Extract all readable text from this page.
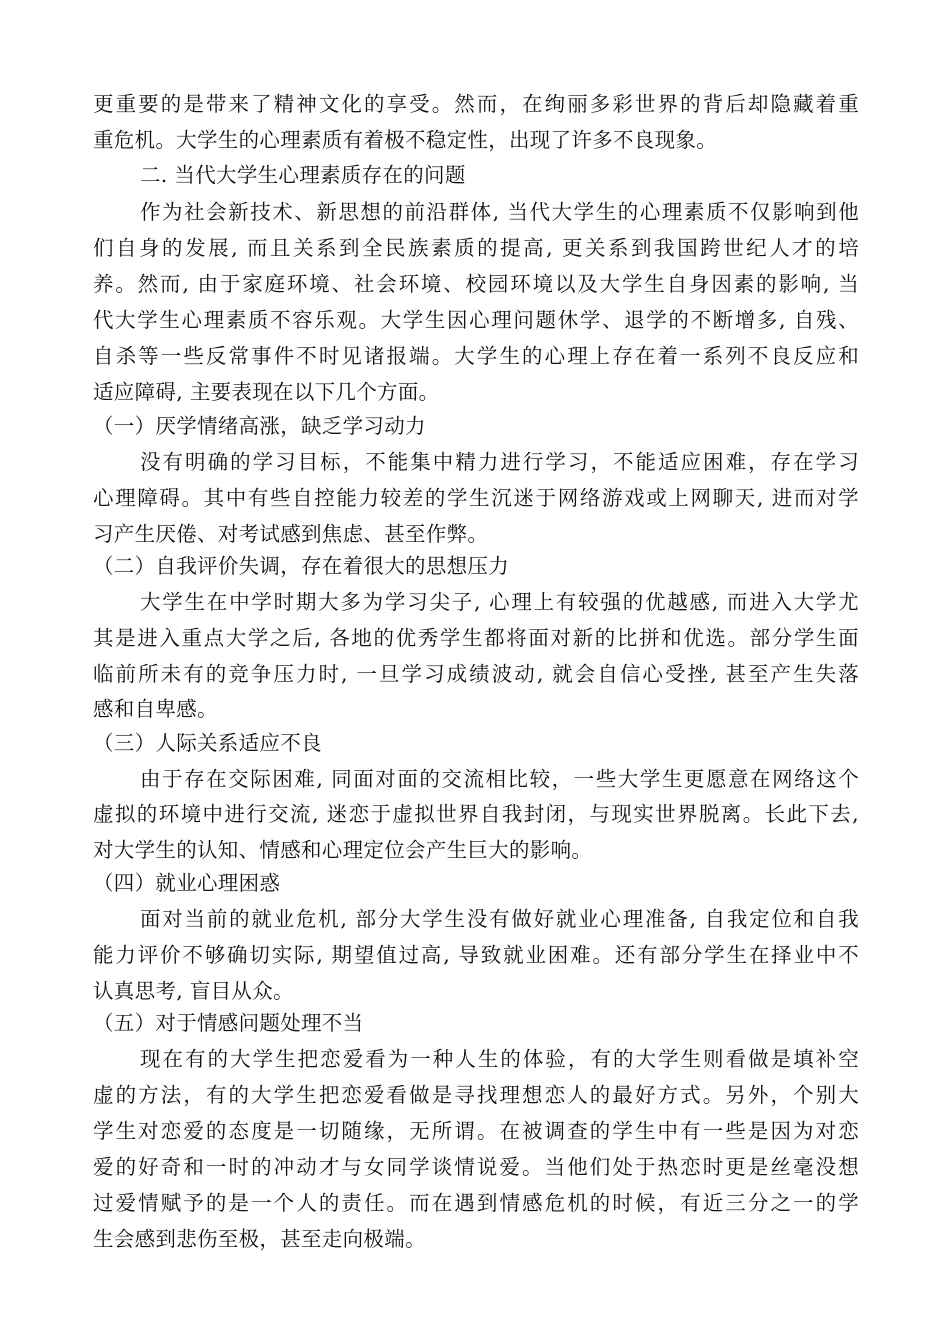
更重要的是带来了精神文化的享受。然而，在绚丽多彩世界的背后却隐藏着重
重危机。大学生的心理素质有着极不稳定性，出现了许多不良现象。
二. 当代大学生心理素质存在的问题
作为社会新技术、新思想的前沿群体, 当代大学生的心理素质不仅影响到他
们自身的发展, 而且关系到全民族素质的提高, 更关系到我国跨世纪人才的培
养。然而, 由于家庭环境、社会环境、校园环境以及大学生自身因素的影响, 当
代大学生心理素质不容乐观。大学生因心理问题休学、退学的不断增多, 自残、
自杀等一些反常事件不时见诸报端。大学生的心理上存在着一系列不良反应和
适应障碍, 主要表现在以下几个方面。
（一）厌学情绪高涨，缺乏学习动力
没有明确的学习目标，不能集中精力进行学习，不能适应困难，存在学习
心理障碍。其中有些自控能力较差的学生沉迷于网络游戏或上网聊天, 进而对学
习产生厌倦、对考试感到焦虑、甚至作弊。
（二）自我评价失调，存在着很大的思想压力
大学生在中学时期大多为学习尖子, 心理上有较强的优越感, 而进入大学尤
其是进入重点大学之后, 各地的优秀学生都将面对新的比拼和优选。部分学生面
临前所未有的竞争压力时, 一旦学习成绩波动, 就会自信心受挫, 甚至产生失落
感和自卑感。
（三）人际关系适应不良
由于存在交际困难, 同面对面的交流相比较，一些大学生更愿意在网络这个
虚拟的环境中进行交流, 迷恋于虚拟世界自我封闭，与现实世界脱离。长此下去,
对大学生的认知、情感和心理定位会产生巨大的影响。
（四）就业心理困惑
面对当前的就业危机, 部分大学生没有做好就业心理准备, 自我定位和自我
能力评价不够确切实际, 期望值过高, 导致就业困难。还有部分学生在择业中不
认真思考, 盲目从众。
（五）对于情感问题处理不当
现在有的大学生把恋爱看为一种人生的体验，有的大学生则看做是填补空
虚的方法，有的大学生把恋爱看做是寻找理想恋人的最好方式。另外，个别大
学生对恋爱的态度是一切随缘，无所谓。在被调查的学生中有一些是因为对恋
爱的好奇和一时的冲动才与女同学谈情说爱。当他们处于热恋时更是丝毫没想
过爱情赋予的是一个人的责任。而在遇到情感危机的时候，有近三分之一的学
生会感到悲伤至极，甚至走向极端。
